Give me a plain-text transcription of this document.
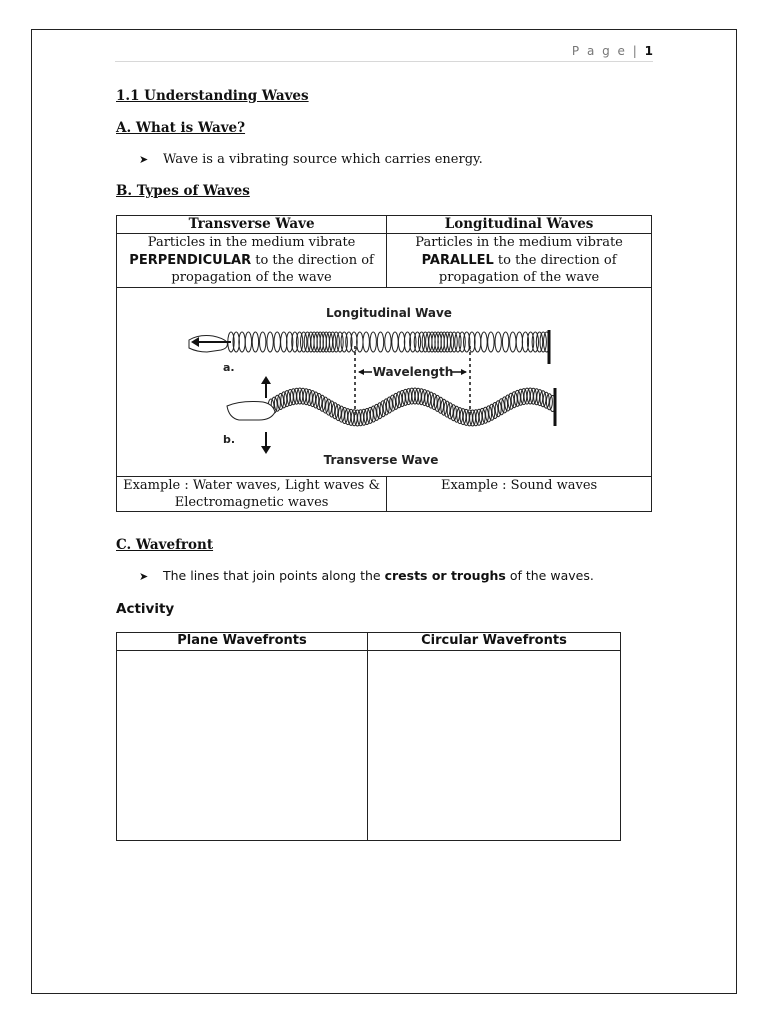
P a g e | 1
1.1 Understanding Waves
A. What is Wave?
➤ Wave is a vibrating source which carries energy.
B. Types of Waves
Transverse Wave	Longitudinal Waves
Particles in the medium vibrate
PERPENDICULAR to the direction of
propagation of the wave	Particles in the medium vibrate
PARALLEL to the direction of
propagation of the wave

Longitudinal Wave
a. Wavelength
b.
Transverse Wave	

Example : Water waves, Light waves & Electromagnetic waves	Example : Sound waves
C. Wavefront
➤ The lines that join points along the crests or troughs of the waves.
Activity
Plane Wavefronts	Circular Wavefronts
